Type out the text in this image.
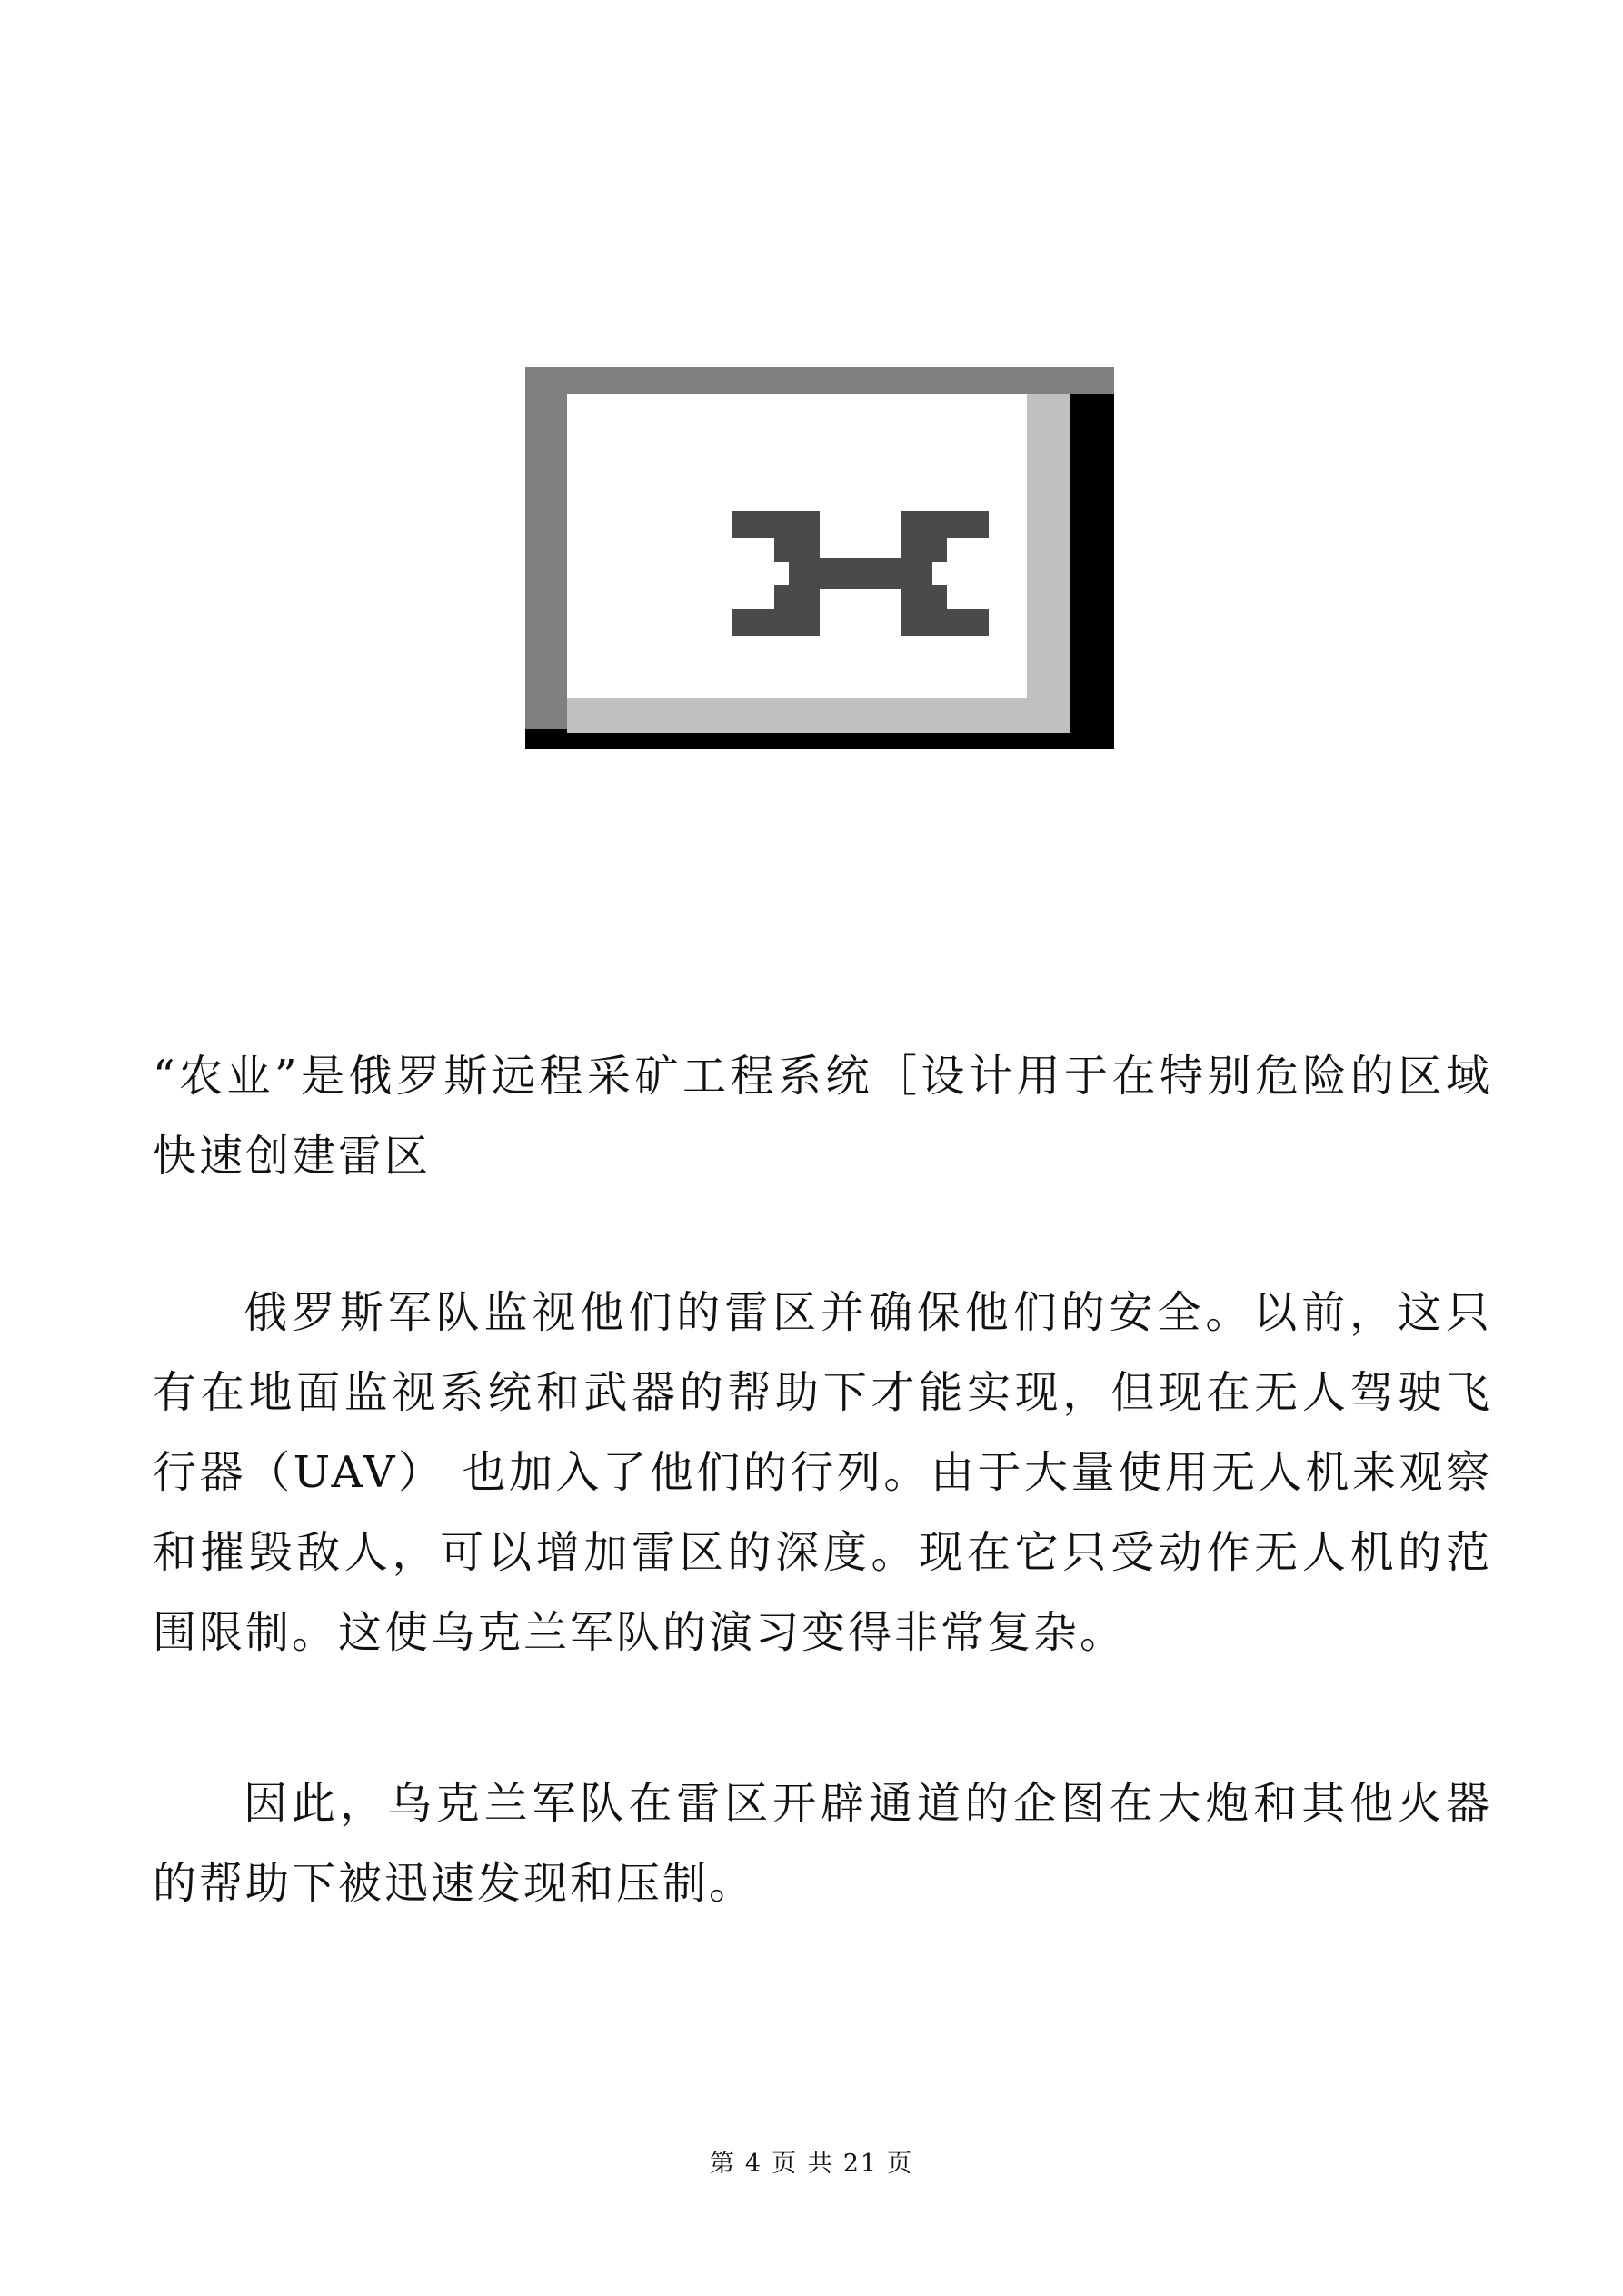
“农业”是俄罗斯远程采矿工程系统［设计用于在特别危险的区域快速创建雷区

俄罗斯军队监视他们的雷区并确保他们的安全。以前，这只有在地面监视系统和武器的帮助下才能实现，但现在无人驾驶飞行器（UAV） 也加入了他们的行列。由于大量使用无人机来观察和摧毁敌人，可以增加雷区的深度。现在它只受动作无人机的范围限制。这使乌克兰军队的演习变得非常复杂。

因此，乌克兰军队在雷区开辟通道的企图在大炮和其他火器的帮助下被迅速发现和压制。

第 4 页 共 21 页
